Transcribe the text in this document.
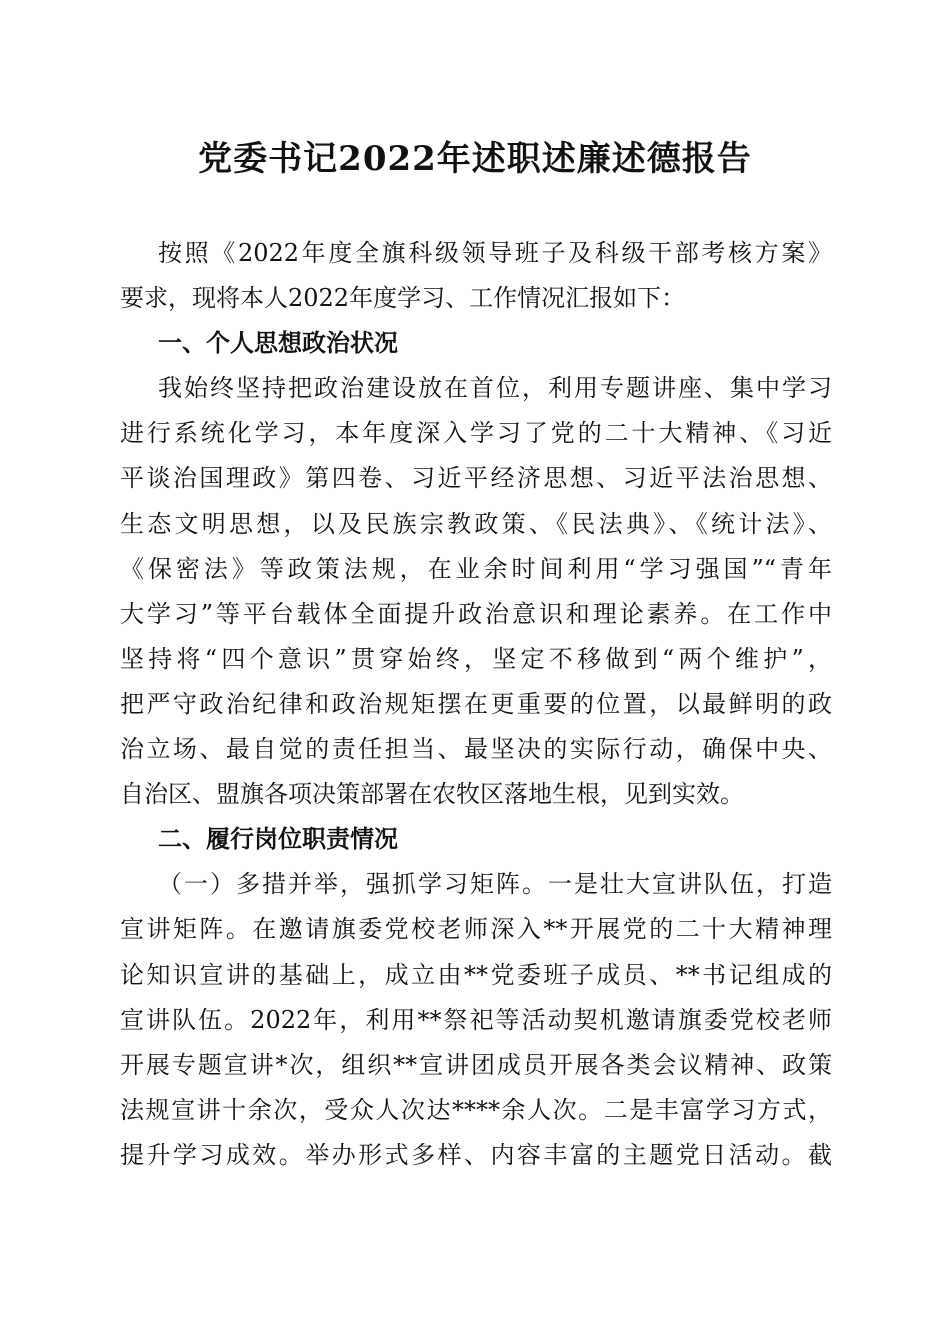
党委书记2022年述职述廉述德报告
按照《2022年度全旗科级领导班子及科级干部考核方案》
要求，现将本人2022年度学习、工作情况汇报如下：
一、个人思想政治状况
我始终坚持把政治建设放在首位，利用专题讲座、集中学习
进行系统化学习，本年度深入学习了党的二十大精神、《习近
平谈治国理政》第四卷、习近平经济思想、习近平法治思想、
生态文明思想，以及民族宗教政策、《民法典》、《统计法》、
《保密法》等政策法规，在业余时间利用“学习强国”“青年
大学习”等平台载体全面提升政治意识和理论素养。在工作中
坚持将“四个意识”贯穿始终，坚定不移做到“两个维护”，
把严守政治纪律和政治规矩摆在更重要的位置，以最鲜明的政
治立场、最自觉的责任担当、最坚决的实际行动，确保中央、
自治区、盟旗各项决策部署在农牧区落地生根，见到实效。
二、履行岗位职责情况
（一）多措并举，强抓学习矩阵。一是壮大宣讲队伍，打造
宣讲矩阵。在邀请旗委党校老师深入**开展党的二十大精神理
论知识宣讲的基础上，成立由**党委班子成员、**书记组成的
宣讲队伍。2022年，利用**祭祀等活动契机邀请旗委党校老师
开展专题宣讲*次，组织**宣讲团成员开展各类会议精神、政策
法规宣讲十余次，受众人次达****余人次。二是丰富学习方式，
提升学习成效。举办形式多样、内容丰富的主题党日活动。截
